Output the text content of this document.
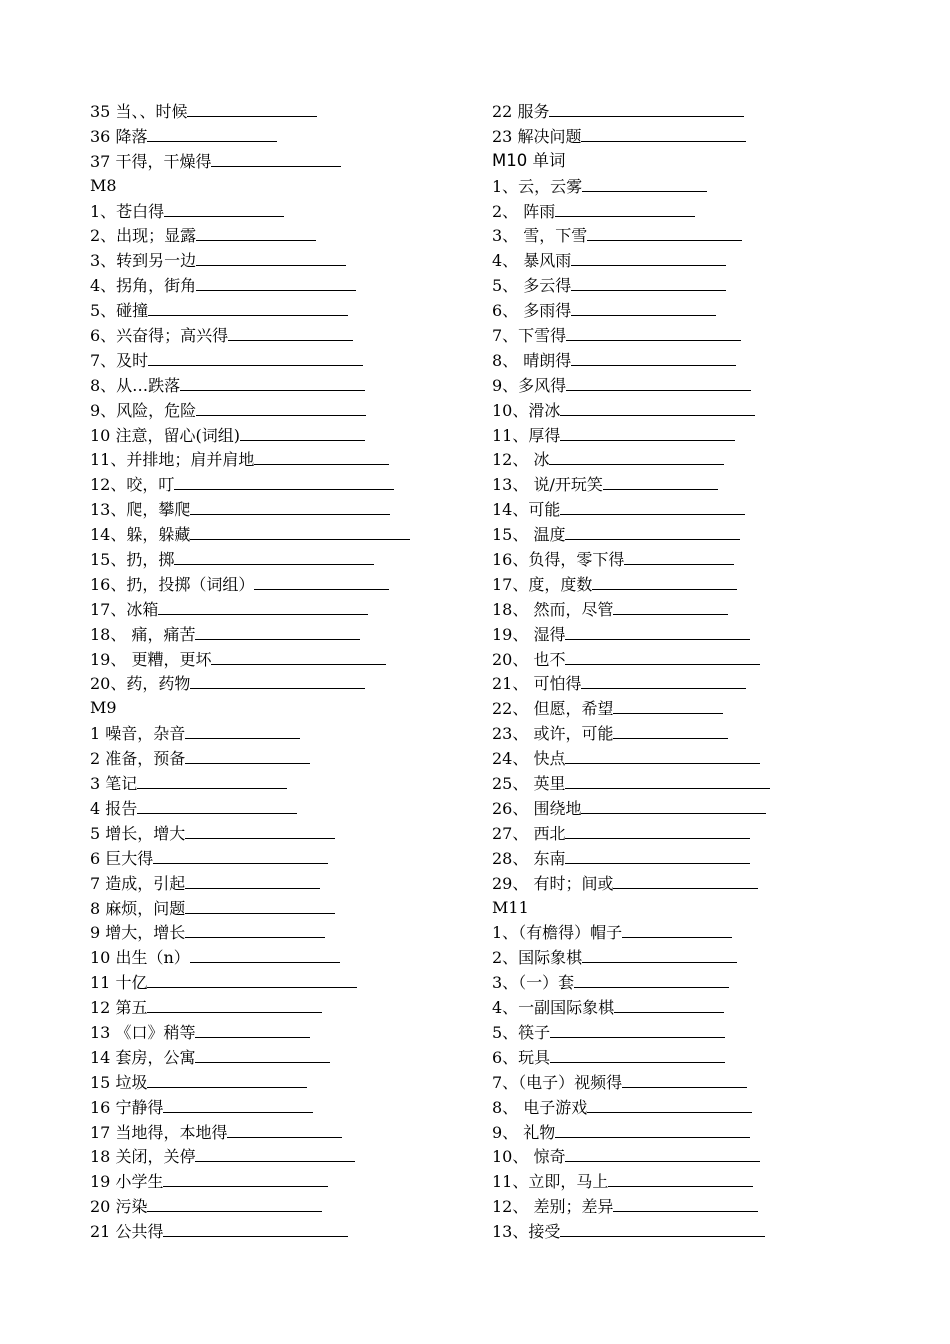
35 当、、时候
36 降落
37 干得，干燥得
M8
1、苍白得
2、出现；显露
3、转到另一边
4、拐角，街角
5、碰撞
6、兴奋得；高兴得
7、及时
8、从…跌落
9、风险，危险
10 注意，留心(词组)
11、并排地；肩并肩地
12、咬，叮
13、爬，攀爬
14、躲，躲藏
15、扔，掷
16、扔，投掷（词组）
17、冰箱
18、 痛，痛苦
19、 更糟，更坏
20、药，药物
M9
1 噪音，杂音
2 准备，预备
3 笔记
4 报告
5 增长，增大
6 巨大得
7 造成，引起
8 麻烦，问题
9 增大，增长
10 出生（n）
11 十亿
12 第五
13 《口》稍等
14 套房，公寓
15 垃圾
16 宁静得
17 当地得，本地得
18 关闭，关停
19 小学生
20 污染
21 公共得
22 服务
23 解决问题
M10 单词
1、云，云雾
2、 阵雨
3、 雪，下雪
4、 暴风雨
5、 多云得
6、 多雨得
7、下雪得
8、 晴朗得
9、多风得
10、滑冰
11、厚得
12、 冰
13、 说/开玩笑
14、可能
15、 温度
16、负得，零下得
17、度，度数
18、 然而，尽管
19、 湿得
20、 也不
21、 可怕得
22、 但愿，希望
23、 或许，可能
24、 快点
25、 英里
26、 围绕地
27、 西北
28、 东南
29、 有时；间或
M11
1、（有檐得）帽子
2、国际象棋
3、（一）套
4、一副国际象棋
5、筷子
6、玩具
7、（电子）视频得
8、 电子游戏
9、 礼物
10、 惊奇
11、立即，马上
12、 差别；差异
13、接受
